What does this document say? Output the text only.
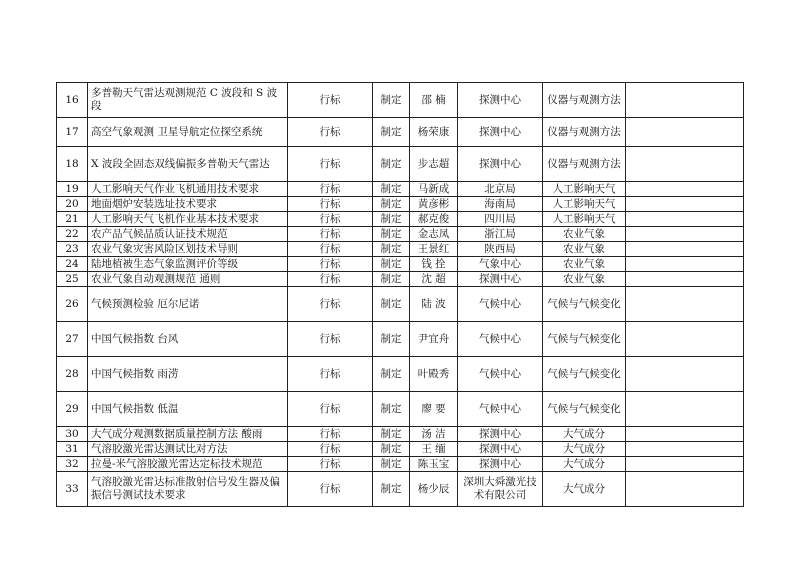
16	多普勒天气雷达观测规范 C 波段和 S 波段	行标	制定	邵 楠	探测中心	仪器与观测方法	
17	高空气象观测 卫星导航定位探空系统	行标	制定	杨荣康	探测中心	仪器与观测方法	
18	X 波段全固态双线偏振多普勒天气雷达	行标	制定	步志超	探测中心	仪器与观测方法	
19	人工影响天气作业飞机通用技术要求	行标	制定	马新成	北京局	人工影响天气	
20	地面烟炉安装选址技术要求	行标	制定	黄彦彬	海南局	人工影响天气	
21	人工影响天气飞机作业基本技术要求	行标	制定	郝克俊	四川局	人工影响天气	
22	农产品气候品质认证技术规范	行标	制定	金志凤	浙江局	农业气象	
23	农业气象灾害风险区划技术导则	行标	制定	王景红	陕西局	农业气象	
24	陆地植被生态气象监测评价等级	行标	制定	钱 拴	气象中心	农业气象	
25	农业气象自动观测规范 通则	行标	制定	沈 超	探测中心	农业气象	
26	气候预测检验 厄尔尼诺	行标	制定	陆 波	气候中心	气候与气候变化	
27	中国气候指数 台风	行标	制定	尹宜舟	气候中心	气候与气候变化	
28	中国气候指数 雨涝	行标	制定	叶殿秀	气候中心	气候与气候变化	
29	中国气候指数 低温	行标	制定	廖 要	气候中心	气候与气候变化	
30	大气成分观测数据质量控制方法 酸雨	行标	制定	汤 洁	探测中心	大气成分	
31	气溶胶激光雷达测试比对方法	行标	制定	王 缅	探测中心	大气成分	
32	拉曼-米气溶胶激光雷达定标技术规范	行标	制定	陈玉宝	探测中心	大气成分	
33	气溶胶激光雷达标准散射信号发生器及偏振信号测试技术要求	行标	制定	杨少辰	深圳大舜激光技术有限公司	大气成分	
